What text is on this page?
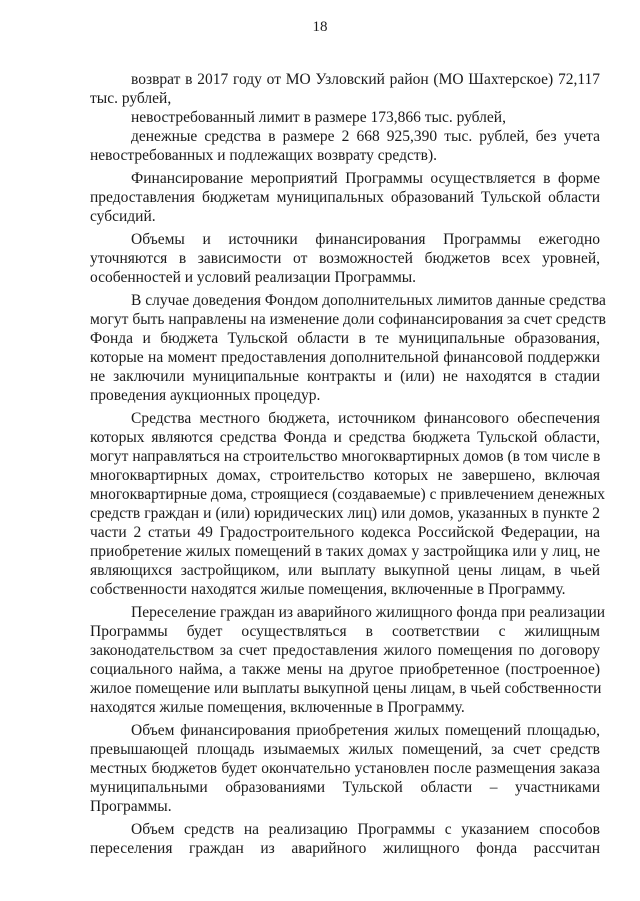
18
возврат в 2017 году от МО Узловский район (МО Шахтерское) 72,117
тыс. рублей,
невостребованный лимит в размере 173,866 тыс. рублей,
денежные средства в размере 2 668 925,390 тыс. рублей, без учета
невостребованных и подлежащих возврату средств).
Финансирование мероприятий Программы осуществляется в форме
предоставления бюджетам муниципальных образований Тульской области
субсидий.
Объемы и источники финансирования Программы ежегодно
уточняются в зависимости от возможностей бюджетов всех уровней,
особенностей и условий реализации Программы.
В случае доведения Фондом дополнительных лимитов данные средства
могут быть направлены на изменение доли софинансирования за счет средств
Фонда и бюджета Тульской области в те муниципальные образования,
которые на момент предоставления дополнительной финансовой поддержки
не заключили муниципальные контракты и (или) не находятся в стадии
проведения аукционных процедур.
Средства местного бюджета, источником финансового обеспечения
которых являются средства Фонда и средства бюджета Тульской области,
могут направляться на строительство многоквартирных домов (в том числе в
многоквартирных домах, строительство которых не завершено, включая
многоквартирные дома, строящиеся (создаваемые) с привлечением денежных
средств граждан и (или) юридических лиц) или домов, указанных в пункте 2
части 2 статьи 49 Градостроительного кодекса Российской Федерации, на
приобретение жилых помещений в таких домах у застройщика или у лиц, не
являющихся застройщиком, или выплату выкупной цены лицам, в чьей
собственности находятся жилые помещения, включенные в Программу.
Переселение граждан из аварийного жилищного фонда при реализации
Программы будет осуществляться в соответствии с жилищным
законодательством за счет предоставления жилого помещения по договору
социального найма, а также мены на другое приобретенное (построенное)
жилое помещение или выплаты выкупной цены лицам, в чьей собственности
находятся жилые помещения, включенные в Программу.
Объем финансирования приобретения жилых помещений площадью,
превышающей площадь изымаемых жилых помещений, за счет средств
местных бюджетов будет окончательно установлен после размещения заказа
муниципальными образованиями Тульской области – участниками
Программы.
Объем средств на реализацию Программы с указанием способов
переселения граждан из аварийного жилищного фонда рассчитан
